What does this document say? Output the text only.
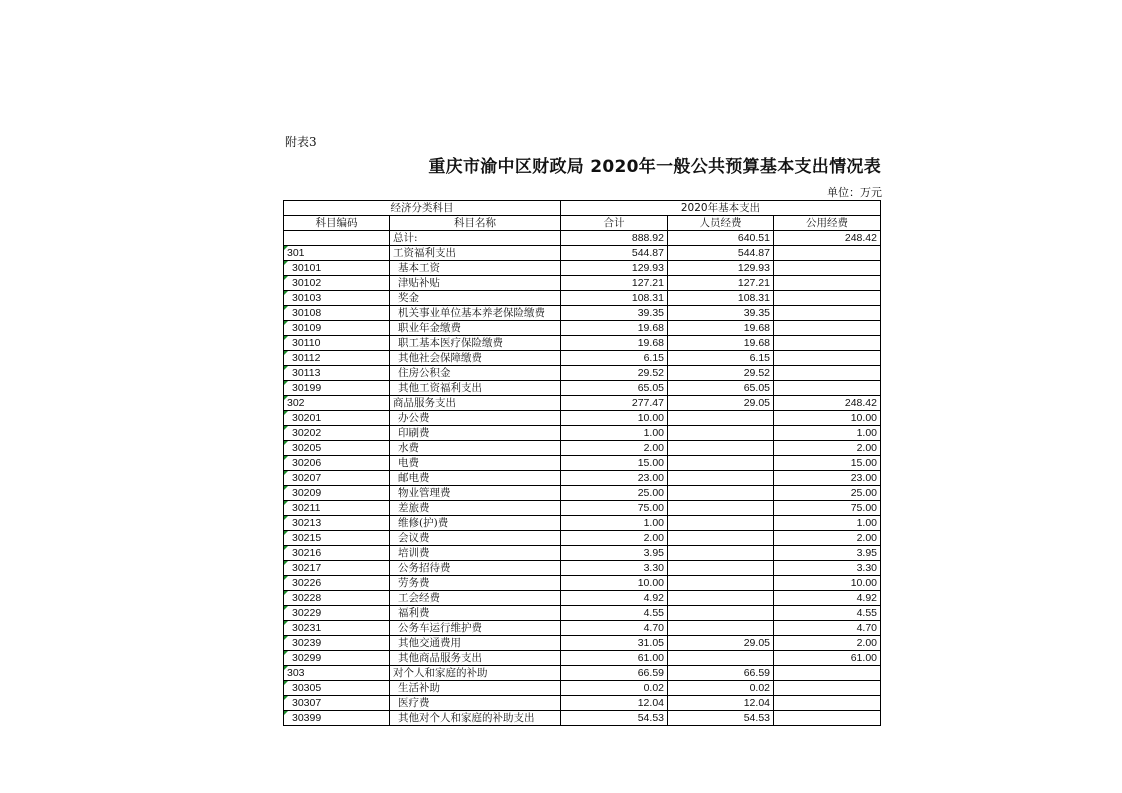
附表3
重庆市渝中区财政局 2020年一般公共预算基本支出情况表
单位：万元
经济分类科目		2020年基本支出		
科目编码	科目名称	合计	人员经费	公用经费
	总计:	888.92	640.51	248.42
301	工资福利支出	544.87	544.87	
30101	基本工资	129.93	129.93	
30102	津贴补贴	127.21	127.21	
30103	奖金	108.31	108.31	
30108	机关事业单位基本养老保险缴费	39.35	39.35	
30109	职业年金缴费	19.68	19.68	
30110	职工基本医疗保险缴费	19.68	19.68	
30112	其他社会保障缴费	6.15	6.15	
30113	住房公积金	29.52	29.52	
30199	其他工资福利支出	65.05	65.05	
302	商品服务支出	277.47	29.05	248.42
30201	办公费	10.00		10.00
30202	印刷费	1.00		1.00
30205	水费	2.00		2.00
30206	电费	15.00		15.00
30207	邮电费	23.00		23.00
30209	物业管理费	25.00		25.00
30211	差旅费	75.00		75.00
30213	维修(护)费	1.00		1.00
30215	会议费	2.00		2.00
30216	培训费	3.95		3.95
30217	公务招待费	3.30		3.30
30226	劳务费	10.00		10.00
30228	工会经费	4.92		4.92
30229	福利费	4.55		4.55
30231	公务车运行维护费	4.70		4.70
30239	其他交通费用	31.05	29.05	2.00
30299	其他商品服务支出	61.00		61.00
303	对个人和家庭的补助	66.59	66.59	
30305	生活补助	0.02	0.02	
30307	医疗费	12.04	12.04	
30399	其他对个人和家庭的补助支出	54.53	54.53	
